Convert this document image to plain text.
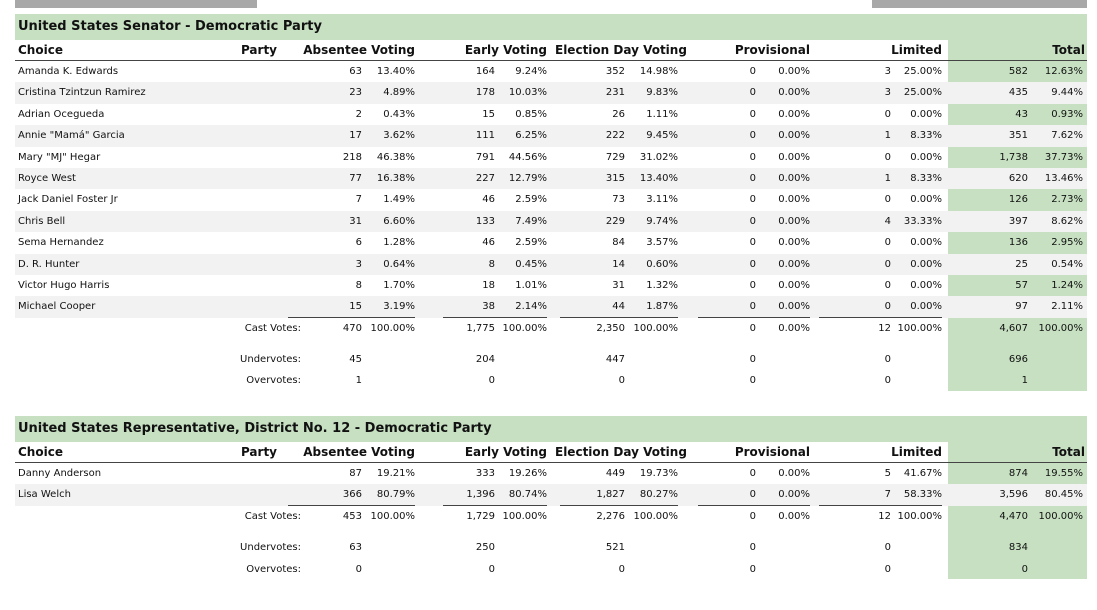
United States Senator - Democratic Party
Choice	Party	Absentee Voting	Early Voting Election Day Voting	Provisional	Limited	Total
Amanda K. Edwards	63	13.40%	164	9.24%	352	14.98%	0	0.00%	3	25.00%	582	12.63%
Cristina Tzintzun Ramirez	23	4.89%	178	10.03%	231	9.83%	0	0.00%	3	25.00%	435	9.44%
Adrian Ocegueda	2	0.43%	15	0.85%	26	1.11%	0	0.00%	0	0.00%	43	0.93%
Annie "Mamá" Garcia	17	3.62%	111	6.25%	222	9.45%	0	0.00%	1	8.33%	351	7.62%
Mary "MJ" Hegar	218	46.38%	791	44.56%	729	31.02%	0	0.00%	0	0.00%	1,738	37.73%
Royce West	77	16.38%	227	12.79%	315	13.40%	0	0.00%	1	8.33%	620	13.46%
Jack Daniel Foster Jr	7	1.49%	46	2.59%	73	3.11%	0	0.00%	0	0.00%	126	2.73%
Chris Bell	31	6.60%	133	7.49%	229	9.74%	0	0.00%	4	33.33%	397	8.62%
Sema Hernandez	6	1.28%	46	2.59%	84	3.57%	0	0.00%	0	0.00%	136	2.95%
D. R. Hunter	3	0.64%	8	0.45%	14	0.60%	0	0.00%	0	0.00%	25	0.54%
Victor Hugo Harris	8	1.70%	18	1.01%	31	1.32%	0	0.00%	0	0.00%	57	1.24%
Michael Cooper	15	3.19%	38	2.14%	44	1.87%	0	0.00%	0	0.00%	97	2.11%
Cast Votes:	470 100.00%	1,775 100.00%	2,350 100.00%	0	0.00%	12 100.00%	4,607	100.00%
Undervotes:	45	204	447	0	0	696
Overvotes:	1	0	0	0	0	1
United States Representative, District No. 12 - Democratic Party
Choice	Party	Absentee Voting	Early Voting Election Day Voting	Provisional	Limited	Total
Danny Anderson	87	19.21%	333	19.26%	449	19.73%	0	0.00%	5	41.67%	874	19.55%
Lisa Welch	366	80.79%	1,396	80.74%	1,827	80.27%	0	0.00%	7	58.33%	3,596	80.45%
Cast Votes:	453 100.00%	1,729 100.00%	2,276 100.00%	0	0.00%	12 100.00%	4,470	100.00%
Undervotes:	63	250	521	0	0	834
Overvotes:	0	0	0	0	0	0
